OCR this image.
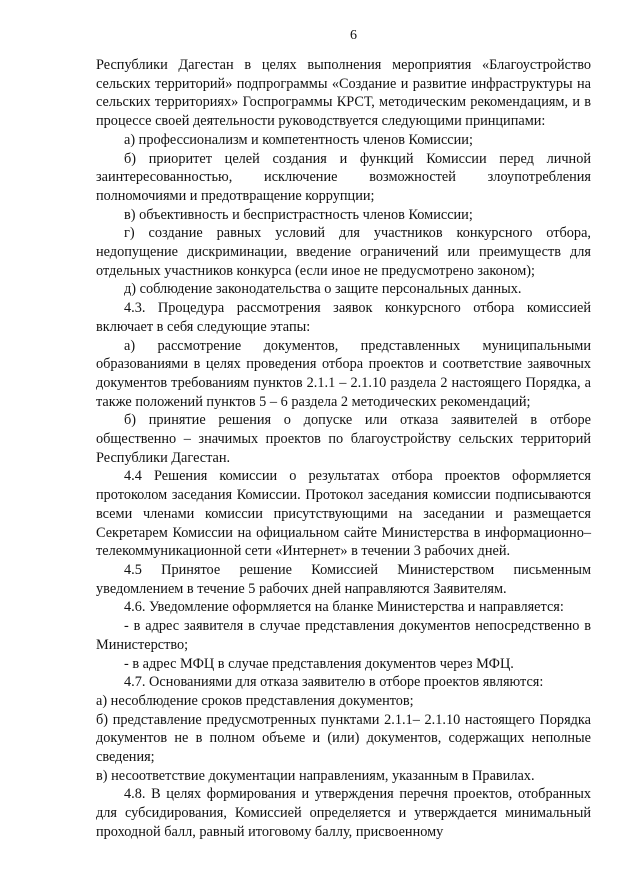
6

Республики Дагестан в целях выполнения мероприятия «Благоустройство сельских территорий» подпрограммы «Создание и развитие инфраструктуры на сельских территориях» Госпрограммы КРСТ, методическим рекомендациям, и в процессе своей деятельности руководствуется следующими принципами:

а) профессионализм и компетентность членов Комиссии;

б) приоритет целей создания и функций Комиссии перед личной заинтересованностью, исключение возможностей злоупотребления полномочиями и предотвращение коррупции;

в) объективность и беспристрастность членов Комиссии;

г) создание равных условий для участников конкурсного отбора, недопущение дискриминации, введение ограничений или преимуществ для отдельных участников конкурса (если иное не предусмотрено законом);

д) соблюдение законодательства о защите персональных данных.

4.3. Процедура рассмотрения заявок конкурсного отбора комиссией включает в себя следующие этапы:

а) рассмотрение документов, представленных муниципальными образованиями в целях проведения отбора проектов и соответствие заявочных документов требованиям пунктов 2.1.1 – 2.1.10 раздела 2 настоящего Порядка, а также положений пунктов 5 – 6 раздела 2 методических рекомендаций;

б) принятие решения о допуске или отказа заявителей в отборе общественно – значимых проектов по благоустройству сельских территорий Республики Дагестан.

4.4 Решения комиссии о результатах отбора проектов оформляется протоколом заседания Комиссии. Протокол заседания комиссии подписываются всеми членами комиссии присутствующими на заседании и размещается Секретарем Комиссии на официальном сайте Министерства в информационно– телекоммуникационной сети «Интернет» в течении 3 рабочих дней.

4.5 Принятое решение Комиссией Министерством письменным уведомлением в течение 5 рабочих дней направляются Заявителям.

4.6. Уведомление оформляется на бланке Министерства и направляется:

- в адрес заявителя в случае представления документов непосредственно в Министерство;

- в адрес МФЦ в случае представления документов через МФЦ.

4.7. Основаниями для отказа заявителю в отборе проектов являются:

а) несоблюдение сроков представления документов;

б) представление предусмотренных пунктами 2.1.1– 2.1.10 настоящего Порядка документов не в полном объеме и (или) документов, содержащих неполные сведения;

в) несоответствие документации направлениям, указанным в Правилах.

4.8. В целях формирования и утверждения перечня проектов, отобранных для субсидирования, Комиссией определяется и утверждается минимальный проходной балл, равный итоговому баллу, присвоенному
